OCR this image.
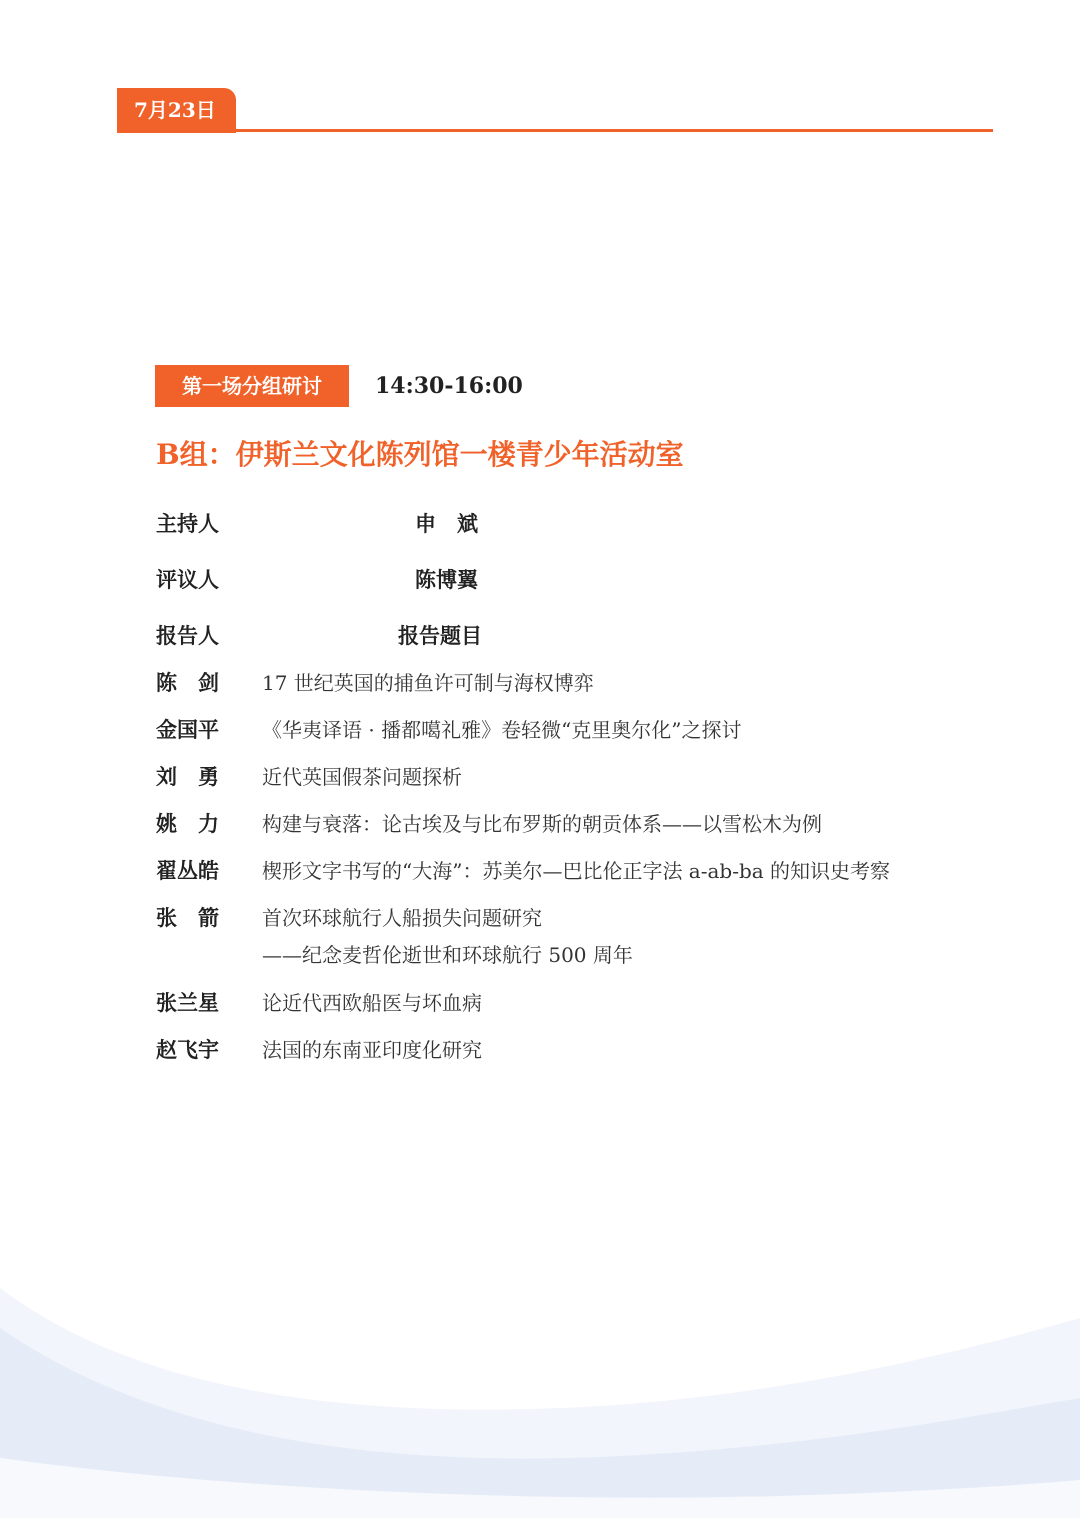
7月23日
第一场分组研讨	14:30-16:00
B组：伊斯兰文化陈列馆一楼青少年活动室
主持人	申　斌
评议人	陈博翼
报告人	报告题目
陈　剑	17 世纪英国的捕鱼许可制与海权博弈
金国平	《华夷译语 · 播都噶礼雅》卷轻微“克里奥尔化”之探讨
刘　勇	近代英国假茶问题探析
姚　力	构建与衰落：论古埃及与比布罗斯的朝贡体系——以雪松木为例
翟丛皓	楔形文字书写的“大海”：苏美尔—巴比伦正字法 a-ab-ba 的知识史考察
张　箭	首次环球航行人船损失问题研究
——纪念麦哲伦逝世和环球航行 500 周年
张兰星	论近代西欧船医与坏血病
赵飞宇	法国的东南亚印度化研究
